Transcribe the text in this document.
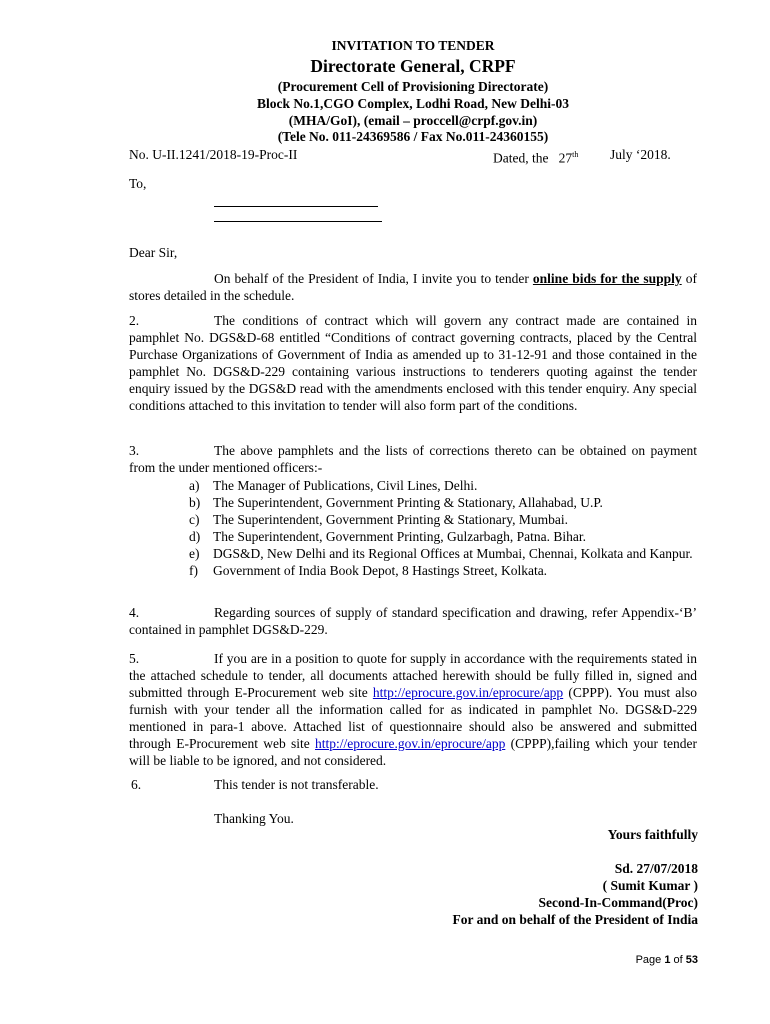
INVITATION TO TENDER
Directorate General, CRPF
(Procurement Cell of Provisioning Directorate)
Block No.1,CGO Complex, Lodhi Road, New Delhi-03
(MHA/GoI), (email – proccell@crpf.gov.in)
(Tele No. 011-24369586 / Fax No.011-24360155)
No. U-II.1241/2018-19-Proc-II	Dated, the 27th July ‘2018.
To,
Dear Sir,
On behalf of the President of India, I invite you to tender online bids for the supply of stores detailed in the schedule.
2.	The conditions of contract which will govern any contract made are contained in pamphlet No. DGS&D-68 entitled “Conditions of contract governing contracts, placed by the Central Purchase Organizations of Government of India as amended up to 31-12-91 and those contained in the pamphlet No. DGS&D-229 containing various instructions to tenderers quoting against the tender enquiry issued by the DGS&D read with the amendments enclosed with this tender enquiry. Any special conditions attached to this invitation to tender will also form part of the conditions.
3.	The above pamphlets and the lists of corrections thereto can be obtained on payment from the under mentioned officers:-
a)	The Manager of Publications, Civil Lines, Delhi.
b) The Superintendent, Government Printing & Stationary, Allahabad, U.P.
c)	The Superintendent, Government Printing & Stationary, Mumbai.
d) The Superintendent, Government Printing, Gulzarbagh, Patna. Bihar.
e)	DGS&D, New Delhi and its Regional Offices at Mumbai, Chennai, Kolkata and Kanpur.
f)	Government of India Book Depot, 8 Hastings Street, Kolkata.
4.	Regarding sources of supply of standard specification and drawing, refer Appendix-‘B’ contained in pamphlet DGS&D-229.
5.	If you are in a position to quote for supply in accordance with the requirements stated in the attached schedule to tender, all documents attached herewith should be fully filled in, signed and submitted through E-Procurement web site http://eprocure.gov.in/eprocure/app (CPPP). You must also furnish with your tender all the information called for as indicated in pamphlet No. DGS&D-229 mentioned in para-1 above. Attached list of questionnaire should also be answered and submitted through E-Procurement web site http://eprocure.gov.in/eprocure/app (CPPP),failing which your tender will be liable to be ignored, and not considered.
6.	This tender is not transferable.
Thanking You.
Yours faithfully
Sd. 27/07/2018
( Sumit Kumar )
Second-In-Command(Proc)
For and on behalf of the President of India
Page 1 of 53
